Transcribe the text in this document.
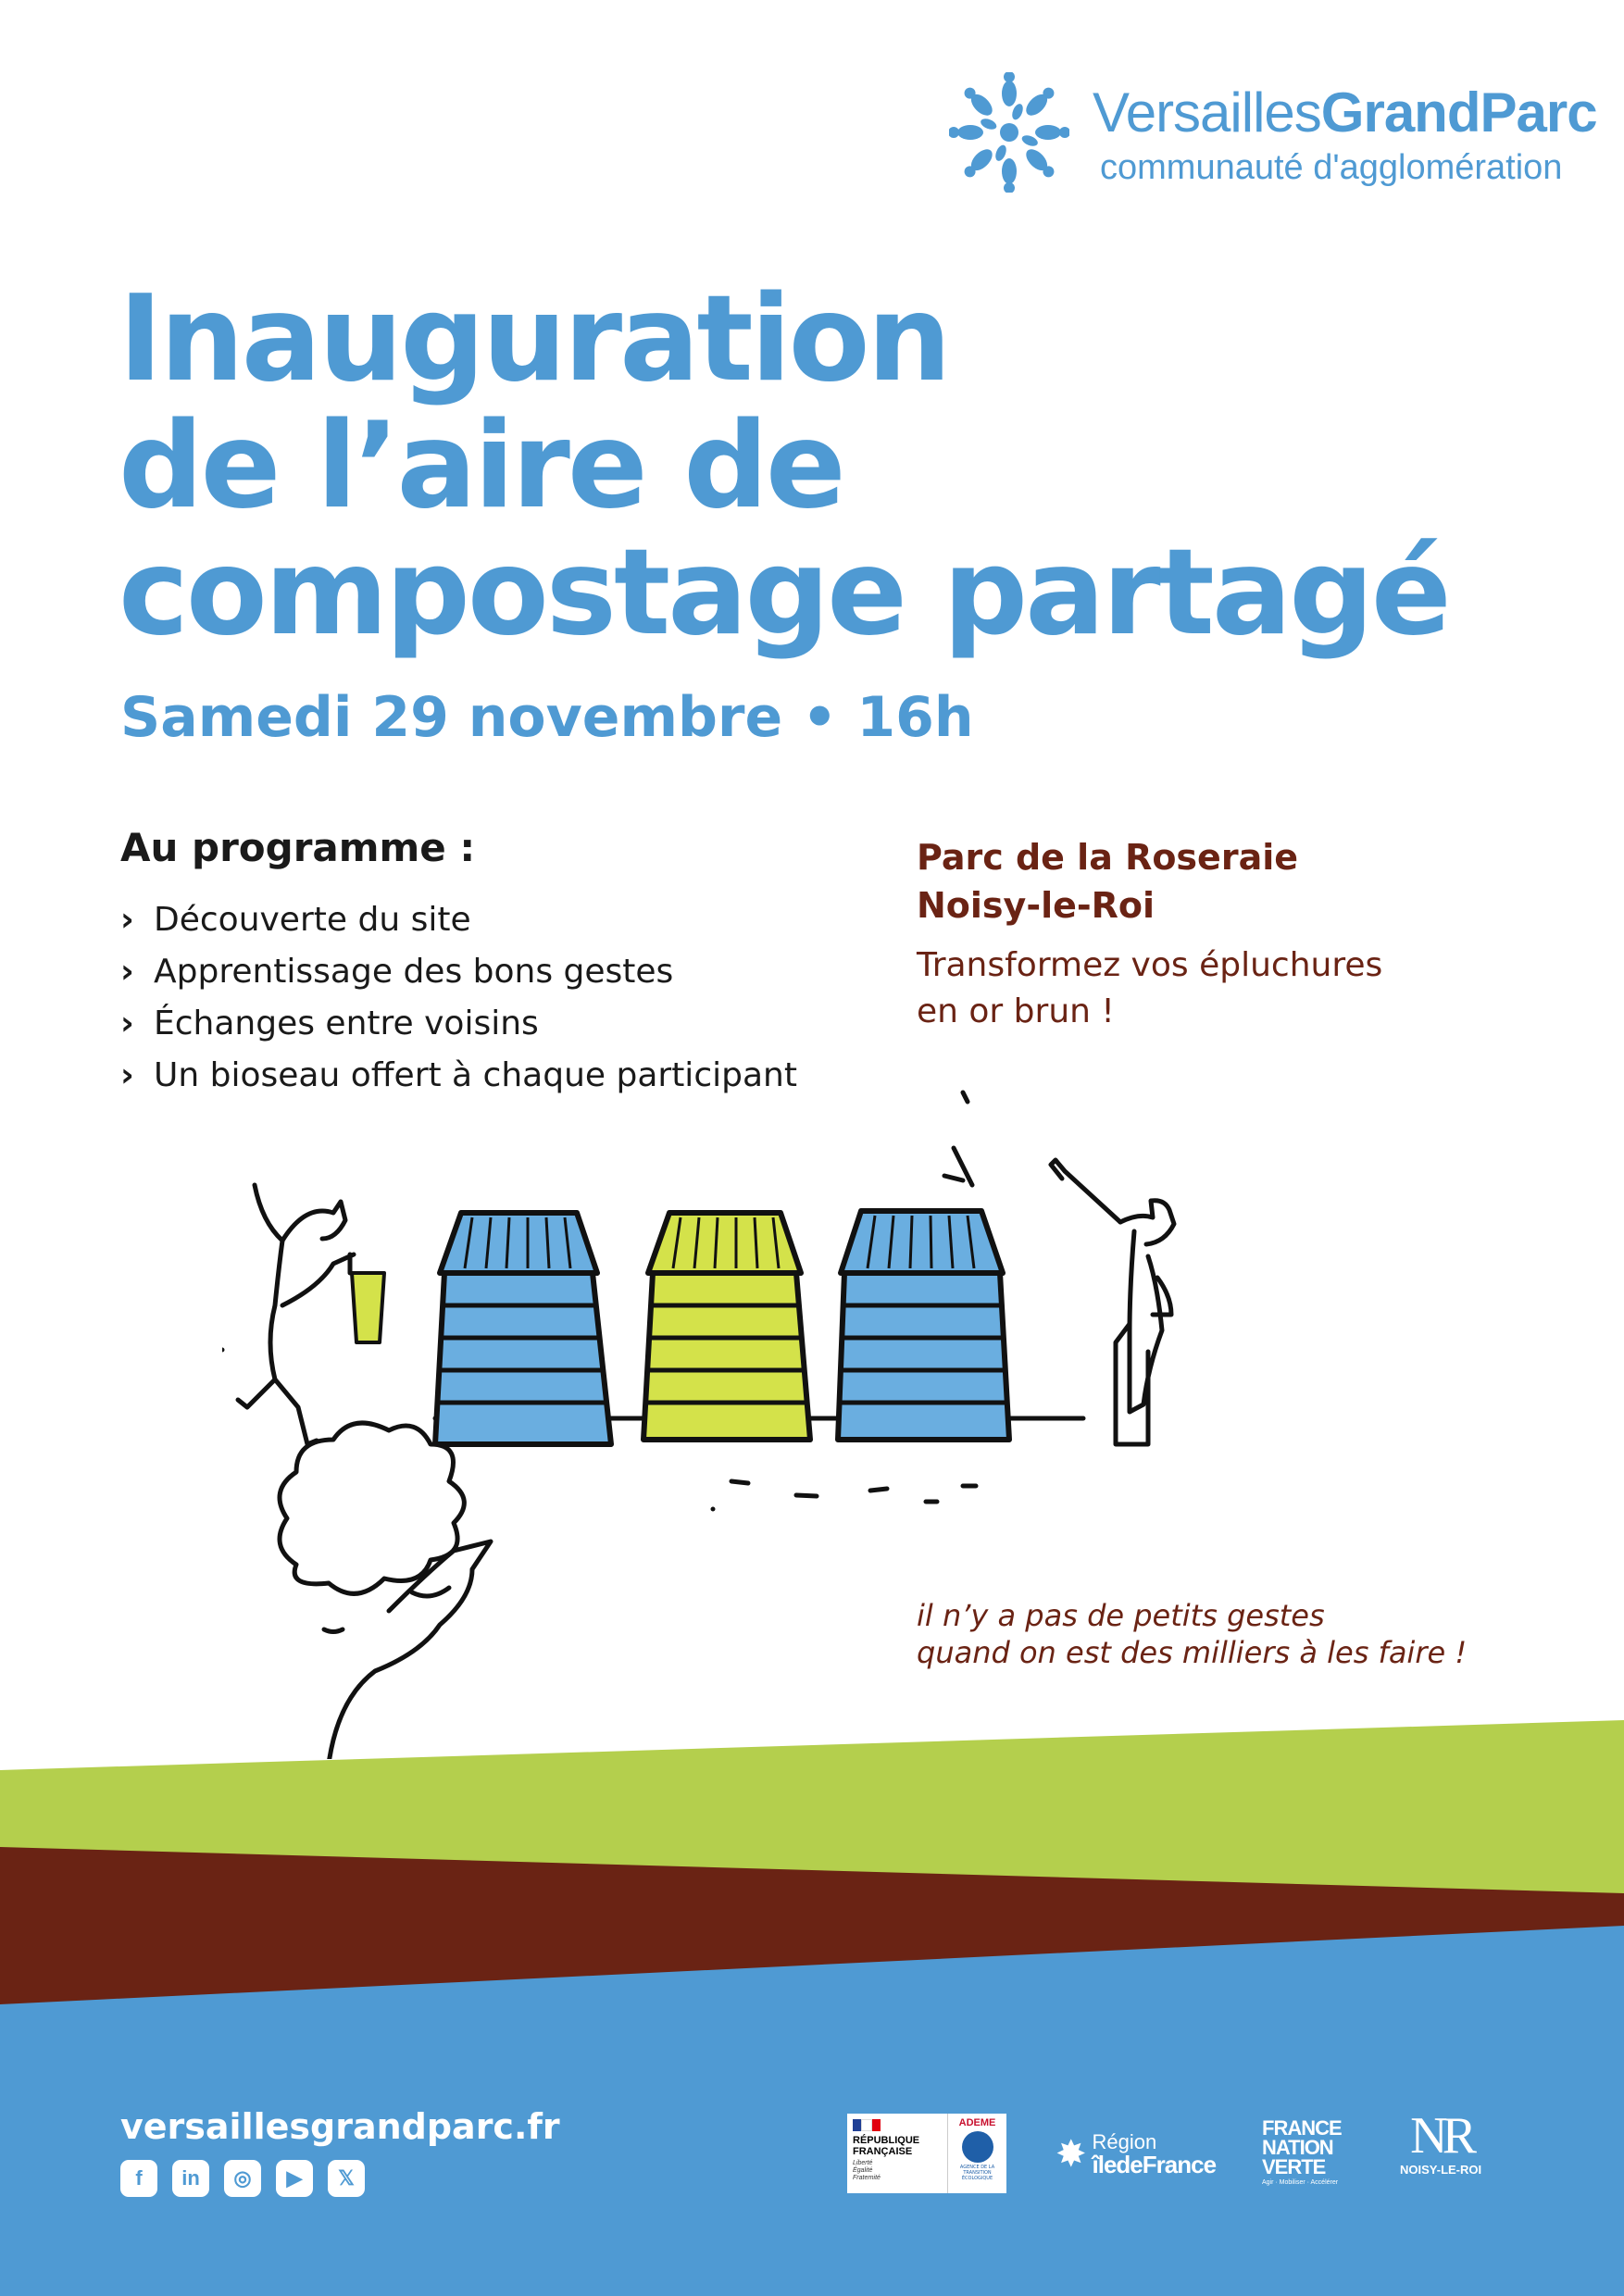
VersaillesGrandParc
communauté d'agglomération
Inauguration
de l’aire de
compostage partagé
Samedi 29 novembre • 16h
Au programme :
› Découverte du site
› Apprentissage des bons gestes
› Échanges entre voisins
› Un bioseau offert à chaque participant
Parc de la Roseraie
Noisy-le-Roi
Transformez vos épluchures
en or brun !
il n’y a pas de petits gestes
quand on est des milliers à les faire !
versaillesgrandparc.fr
f	in	◎	▶	𝕏
RÉPUBLIQUE
FRANÇAISE
Liberté
Égalité
Fraternité
ADEME
AGENCE DE LA TRANSITION ÉCOLOGIQUE
✸ Région
îledeFrance
FRANCE
NATION
VERTE
Agir · Mobiliser · Accélérer
NR
NOISY-LE-ROI
